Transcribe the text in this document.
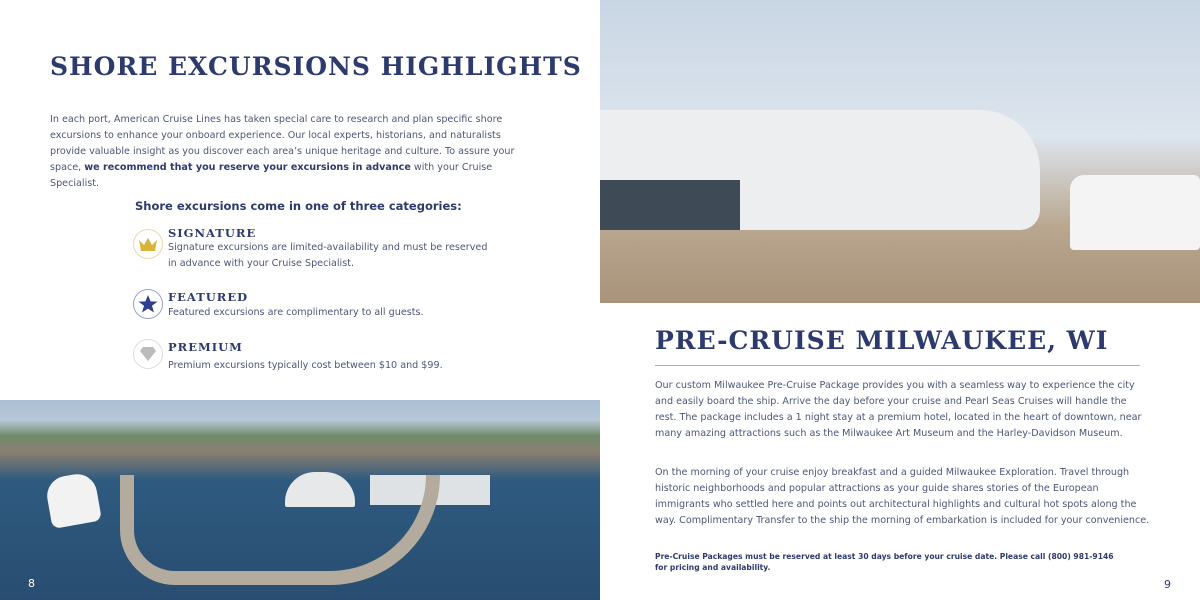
SHORE EXCURSIONS HIGHLIGHTS

In each port, American Cruise Lines has taken special care to research and plan specific shore excursions to enhance your onboard experience. Our local experts, historians, and naturalists provide valuable insight as you discover each area’s unique heritage and culture. To assure your space, we recommend that you reserve your excursions in advance with your Cruise Specialist.

Shore excursions come in one of three categories:
SIGNATURE
Signature excursions are limited-availability and must be reserved in advance with your Cruise Specialist.
FEATURED
Featured excursions are complimentary to all guests.
PREMIUM
Premium excursions typically cost between $10 and $99.
8
PRE-CRUISE MILWAUKEE, WI

Our custom Milwaukee Pre-Cruise Package provides you with a seamless way to experience the city and easily board the ship. Arrive the day before your cruise and Pearl Seas Cruises will handle the rest. The package includes a 1 night stay at a premium hotel, located in the heart of downtown, near many amazing attractions such as the Milwaukee Art Museum and the Harley-Davidson Museum.

On the morning of your cruise enjoy breakfast and a guided Milwaukee Exploration. Travel through historic neighborhoods and popular attractions as your guide shares stories of the European immigrants who settled here and points out architectural highlights and cultural hot spots along the way. Complimentary Transfer to the ship the morning of embarkation is included for your convenience.

Pre-Cruise Packages must be reserved at least 30 days before your cruise date. Please call (800) 981-9146 for pricing and availability.

9
